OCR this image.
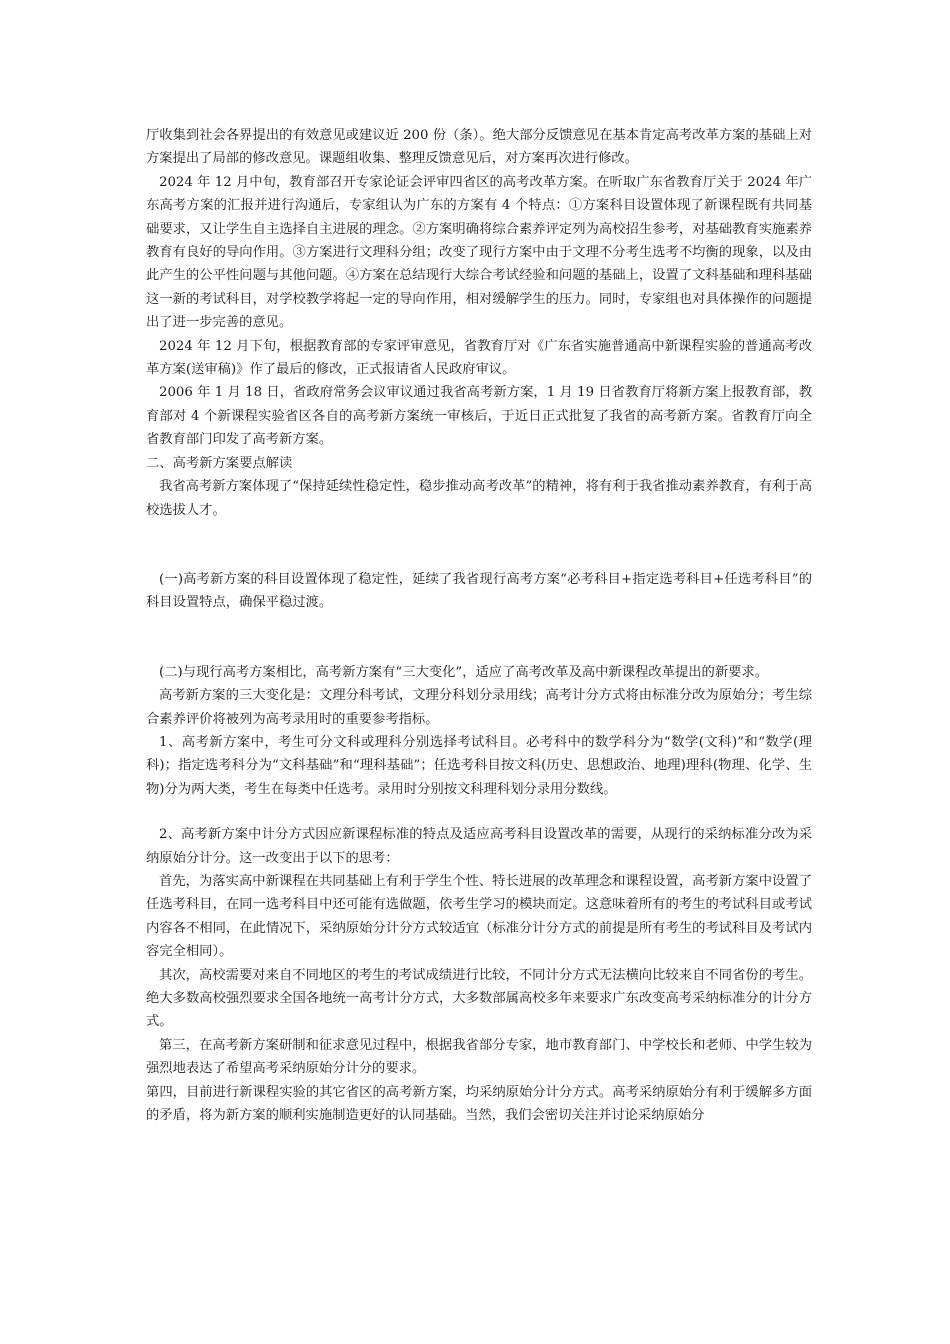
厅收集到社会各界提出的有效意见或建议近 200 份（条）。绝大部分反馈意见在基本肯定高考改革方案的基础上对方案提出了局部的修改意见。课题组收集、整理反馈意见后，对方案再次进行修改。

2024 年 12 月中旬，教育部召开专家论证会评审四省区的高考改革方案。在听取广东省教育厅关于 2024 年广东高考方案的汇报并进行沟通后，专家组认为广东的方案有 4 个特点：①方案科目设置体现了新课程既有共同基础要求，又让学生自主选择自主进展的理念。②方案明确将综合素养评定列为高校招生参考，对基础教育实施素养教育有良好的导向作用。③方案进行文理科分组；改变了现行方案中由于文理不分考生选考不均衡的现象，以及由此产生的公平性问题与其他问题。④方案在总结现行大综合考试经验和问题的基础上，设置了文科基础和理科基础这一新的考试科目，对学校教学将起一定的导向作用，相对缓解学生的压力。同时，专家组也对具体操作的问题提出了进一步完善的意见。

2024 年 12 月下旬，根据教育部的专家评审意见，省教育厅对《广东省实施普通高中新课程实验的普通高考改革方案(送审稿)》作了最后的修改，正式报请省人民政府审议。

2006 年 1 月 18 日，省政府常务会议审议通过我省高考新方案，1 月 19 日省教育厅将新方案上报教育部，教育部对 4 个新课程实验省区各自的高考新方案统一审核后，于近日正式批复了我省的高考新方案。省教育厅向全省教育部门印发了高考新方案。

二、高考新方案要点解读

我省高考新方案体现了“保持延续性稳定性，稳步推动高考改革”的精神，将有利于我省推动素养教育，有利于高校选拔人才。

(一)高考新方案的科目设置体现了稳定性，延续了我省现行高考方案“必考科目+指定选考科目+任选考科目”的科目设置特点，确保平稳过渡。

(二)与现行高考方案相比，高考新方案有“三大变化”，适应了高考改革及高中新课程改革提出的新要求。

高考新方案的三大变化是：文理分科考试，文理分科划分录用线；高考计分方式将由标准分改为原始分；考生综合素养评价将被列为高考录用时的重要参考指标。

1、高考新方案中，考生可分文科或理科分别选择考试科目。必考科中的数学科分为“数学(文科)”和“数学(理科)；指定选考科分为“文科基础”和“理科基础”；任选考科目按文科(历史、思想政治、地理)理科(物理、化学、生物)分为两大类，考生在每类中任选考。录用时分别按文科理科划分录用分数线。

2、高考新方案中计分方式因应新课程标准的特点及适应高考科目设置改革的需要，从现行的采纳标准分改为采纳原始分计分。这一改变出于以下的思考：

首先，为落实高中新课程在共同基础上有利于学生个性、特长进展的改革理念和课程设置，高考新方案中设置了任选考科目，在同一选考科目中还可能有选做题，依考生学习的模块而定。这意味着所有的考生的考试科目或考试内容各不相同，在此情况下，采纳原始分计分方式较适宜（标准分计分方式的前提是所有考生的考试科目及考试内容完全相同）。

其次，高校需要对来自不同地区的考生的考试成绩进行比较，不同计分方式无法横向比较来自不同省份的考生。绝大多数高校强烈要求全国各地统一高考计分方式，大多数部属高校多年来要求广东改变高考采纳标准分的计分方式。

第三，在高考新方案研制和征求意见过程中，根据我省部分专家，地市教育部门、中学校长和老师、中学生较为强烈地表达了希望高考采纳原始分计分的要求。

第四，目前进行新课程实验的其它省区的高考新方案，均采纳原始分计分方式。高考采纳原始分有利于缓解多方面的矛盾，将为新方案的顺利实施制造更好的认同基础。当然，我们会密切关注并讨论采纳原始分
